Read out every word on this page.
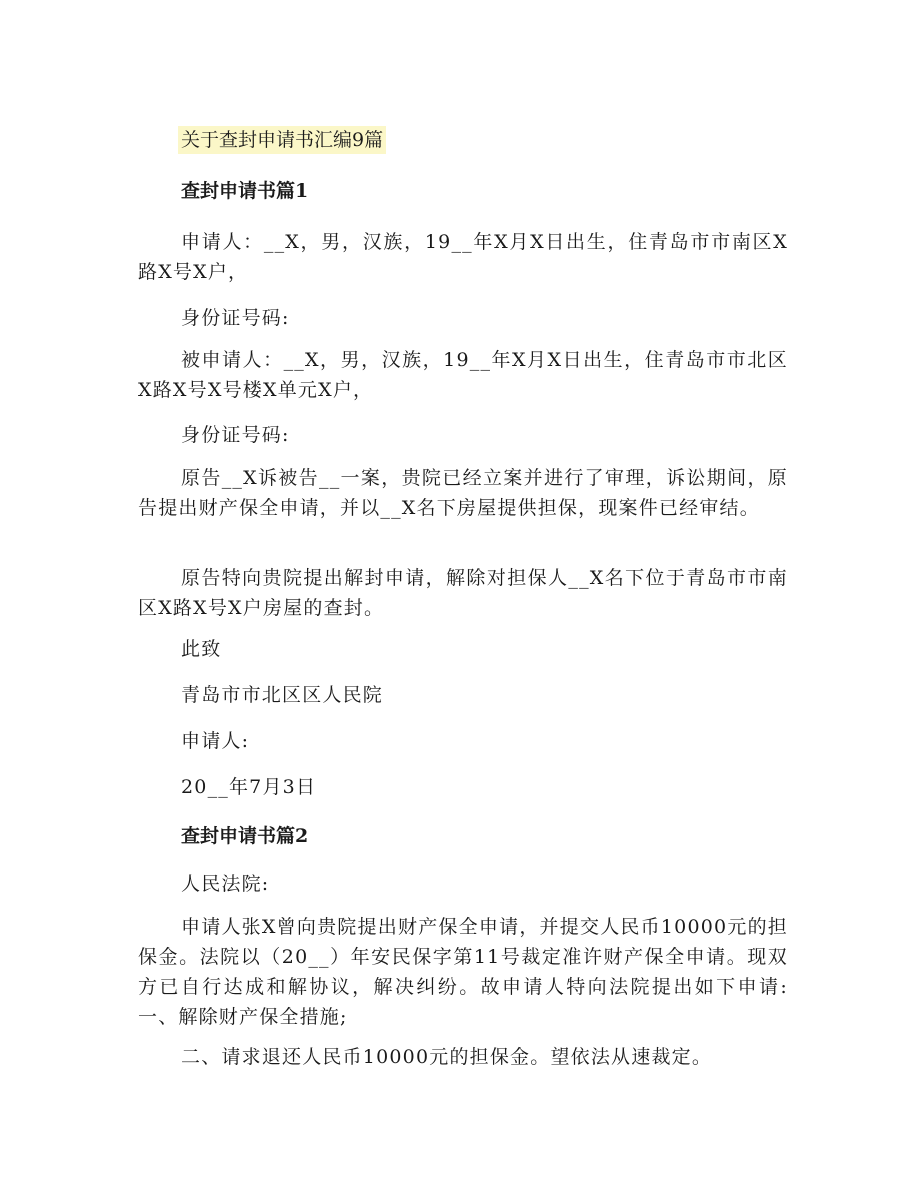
关于查封申请书汇编9篇
查封申请书篇1
申请人：__X，男，汉族，19__年X月X日出生，住青岛市市南区X路X号X户，
身份证号码:
被申请人：__X，男，汉族，19__年X月X日出生，住青岛市市北区X路X号X号楼X单元X户，
身份证号码:
原告__X诉被告__一案，贵院已经立案并进行了审理，诉讼期间，原告提出财产保全申请，并以__X名下房屋提供担保，现案件已经审结。
原告特向贵院提出解封申请，解除对担保人__X名下位于青岛市市南区X路X号X户房屋的查封。
此致
青岛市市北区区人民院
申请人:
20__年7月3日
查封申请书篇2
人民法院:
申请人张X曾向贵院提出财产保全申请，并提交人民币10000元的担保金。法院以（20__）年安民保字第11号裁定准许财产保全申请。现双方已自行达成和解协议，解决纠纷。故申请人特向法院提出如下申请:一、解除财产保全措施;
二、请求退还人民币10000元的担保金。望依法从速裁定。
